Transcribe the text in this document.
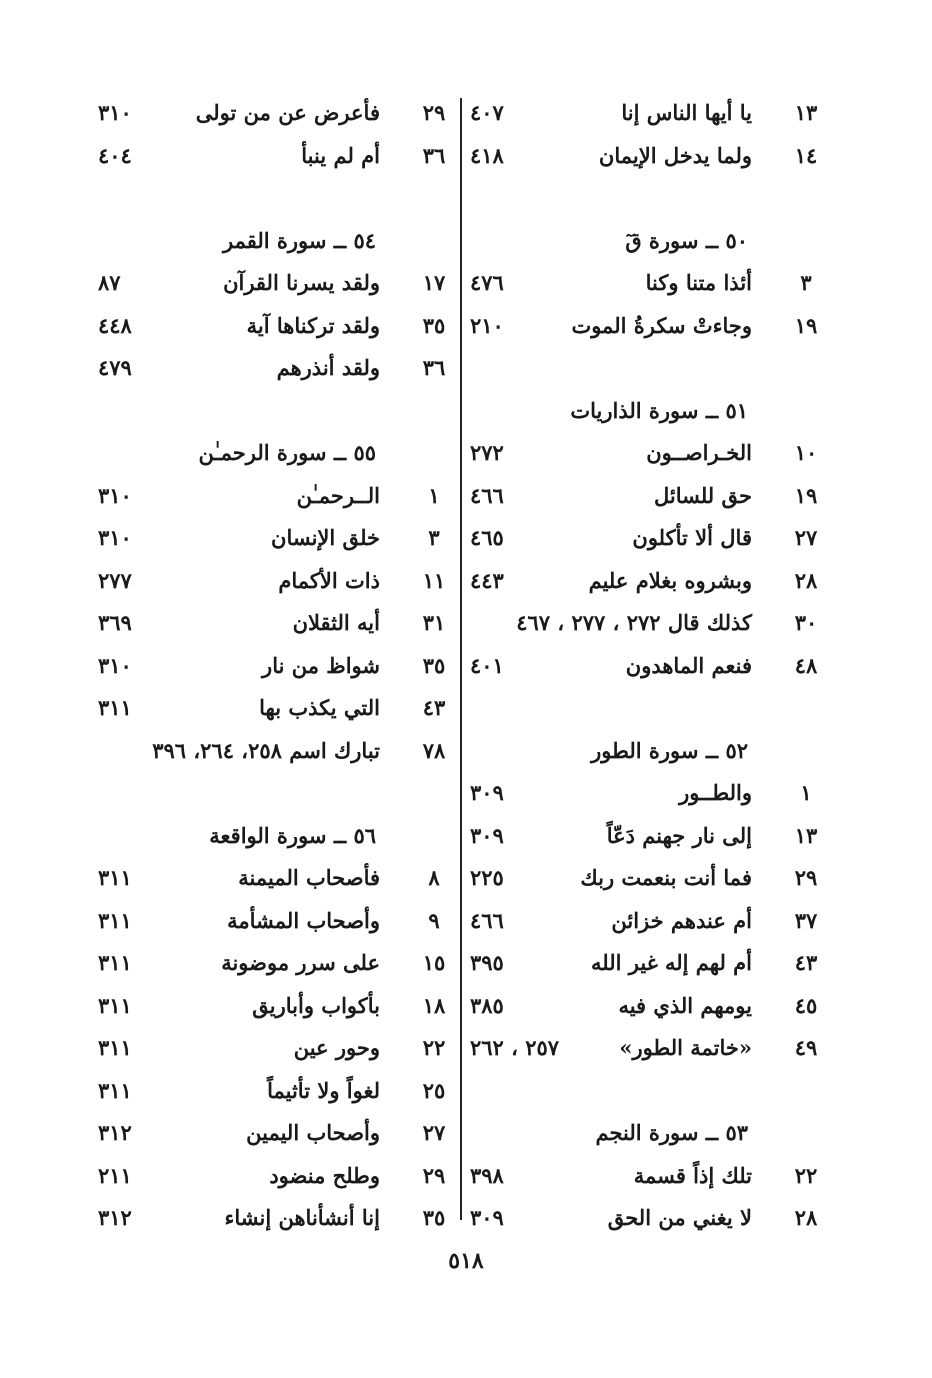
١٣
يا أيها الناس إنا
٤٠٧
١٤
ولما يدخل الإيمان
٤١٨
٥٠ ــ سورة قٓ
٣
أئذا متنا وكنا
٤٧٦
١٩
وجاءتْ سكرةُ الموت
٢١٠
٥١ ــ سورة الذاريات
١٠
الخـراصــون
٢٧٢
١٩
حق للسائل
٤٦٦
٢٧
قال ألا تأكلون
٤٦٥
٢٨
وبشروه بغلام عليم
٤٤٣
٣٠
كذلك قال ٢٧٢ ، ٢٧٧ ، ٤٦٧
٤٨
فنعم الماهدون
٤٠١
٥٢ ــ سورة الطور
١
والطــور
٣٠٩
١٣
إلى نار جهنم دَعّاً
٣٠٩
٢٩
فما أنت بنعمت ربك
٢٢٥
٣٧
أم عندهم خزائن
٤٦٦
٤٣
أم لهم إله غير الله
٣٩٥
٤٥
يومهم الذي فيه
٣٨٥
٤٩
«خاتمة الطور»
٢٥٧ ، ٢٦٢
٥٣ ــ سورة النجم
٢٢
تلك إذاً قسمة
٣٩٨
٢٨
لا يغني من الحق
٣٠٩
٢٩
فأعرض عن من تولى
٣١٠
٣٦
أم لم ينبأ
٤٠٤
٥٤ ــ سورة القمر
١٧
ولقد يسرنا القرآن
٨٧
٣٥
ولقد تركناها آية
٤٤٨
٣٦
ولقد أنذرهم
٤٧٩
٥٥ ــ سورة الرحمـٰن
١
الــرحمـٰن
٣١٠
٣
خلق الإنسان
٣١٠
١١
ذات الأكمام
٢٧٧
٣١
أيه الثقلان
٣٦٩
٣٥
شواظ من نار
٣١٠
٤٣
التي يكذب بها
٣١١
٧٨
تبارك اسم ٢٥٨، ٢٦٤، ٣٩٦
٥٦ ــ سورة الواقعة
٨
فأصحاب الميمنة
٣١١
٩
وأصحاب المشأمة
٣١١
١٥
على سرر موضونة
٣١١
١٨
بأكواب وأباريق
٣١١
٢٢
وحور عين
٣١١
٢٥
لغواً ولا تأثيماً
٣١١
٢٧
وأصحاب اليمين
٣١٢
٢٩
وطلح منضود
٢١١
٣٥
إنا أنشأناهن إنشاء
٣١٢
٥١٨
